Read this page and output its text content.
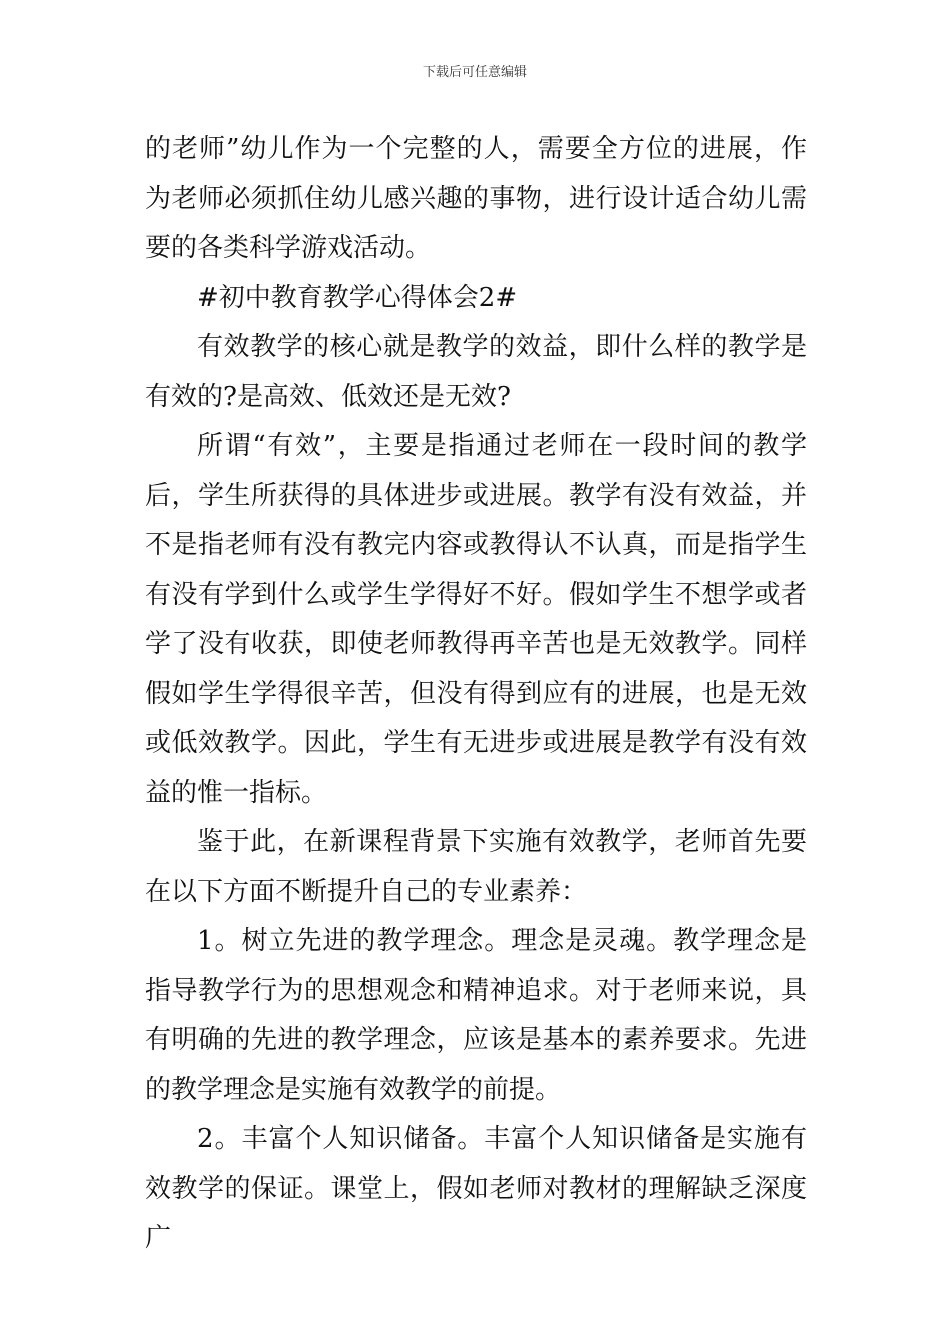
下载后可任意编辑

的老师”幼儿作为一个完整的人，需要全方位的进展，作为老师必须抓住幼儿感兴趣的事物，进行设计适合幼儿需要的各类科学游戏活动。

#初中教育教学心得体会2#

有效教学的核心就是教学的效益，即什么样的教学是有效的?是高效、低效还是无效?

所谓“有效”，主要是指通过老师在一段时间的教学后，学生所获得的具体进步或进展。教学有没有效益，并不是指老师有没有教完内容或教得认不认真，而是指学生有没有学到什么或学生学得好不好。假如学生不想学或者学了没有收获，即使老师教得再辛苦也是无效教学。同样假如学生学得很辛苦，但没有得到应有的进展，也是无效或低效教学。因此，学生有无进步或进展是教学有没有效益的惟一指标。

鉴于此，在新课程背景下实施有效教学，老师首先要在以下方面不断提升自己的专业素养：

1。树立先进的教学理念。理念是灵魂。教学理念是指导教学行为的思想观念和精神追求。对于老师来说，具有明确的先进的教学理念，应该是基本的素养要求。先进的教学理念是实施有效教学的前提。

2。丰富个人知识储备。丰富个人知识储备是实施有效教学的保证。课堂上，假如老师对教材的理解缺乏深度广
